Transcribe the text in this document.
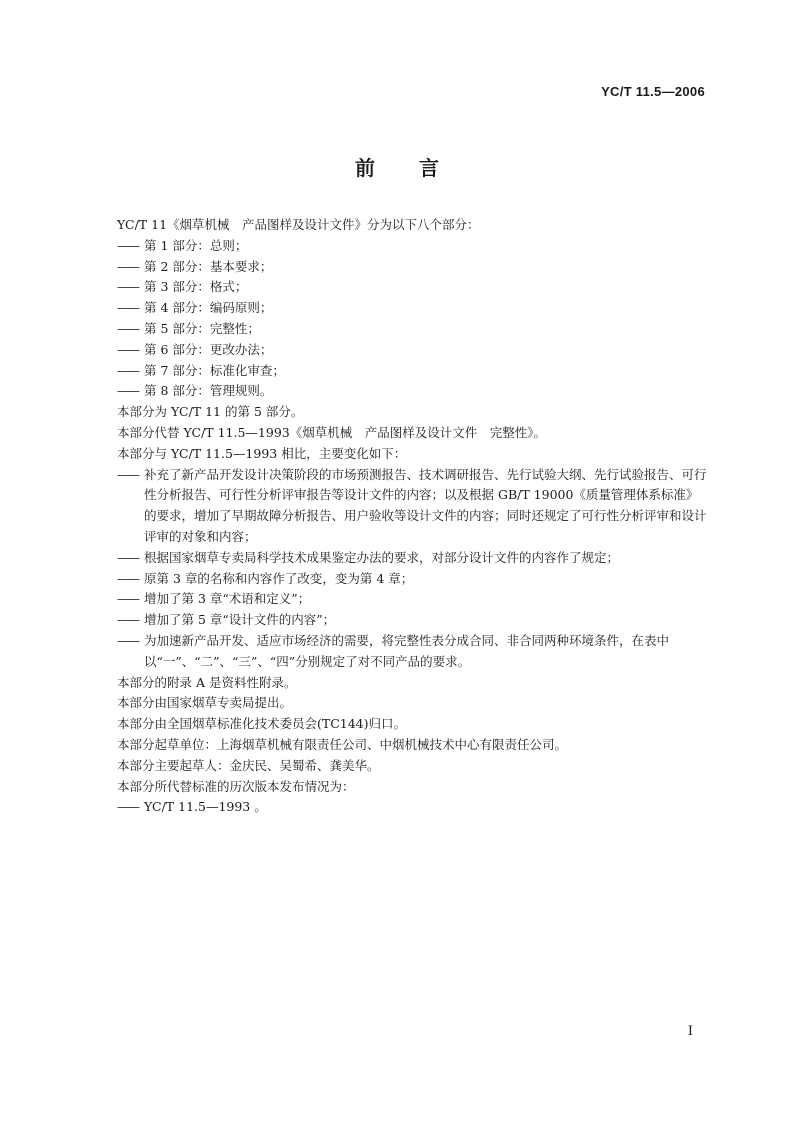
YC/T 11.5—2006
前言
YC/T 11《烟草机械　产品图样及设计文件》分为以下八个部分：
—— 第 1 部分：总则；
—— 第 2 部分：基本要求；
—— 第 3 部分：格式；
—— 第 4 部分：编码原则；
—— 第 5 部分：完整性；
—— 第 6 部分：更改办法；
—— 第 7 部分：标准化审查；
—— 第 8 部分：管理规则。
本部分为 YC/T 11 的第 5 部分。
本部分代替 YC/T 11.5—1993《烟草机械　产品图样及设计文件　完整性》。
本部分与 YC/T 11.5—1993 相比，主要变化如下：
—— 补充了新产品开发设计决策阶段的市场预测报告、技术调研报告、先行试验大纲、先行试验报告、可行性分析报告、可行性分析评审报告等设计文件的内容；以及根据 GB/T 19000《质量管理体系标准》的要求，增加了早期故障分析报告、用户验收等设计文件的内容；同时还规定了可行性分析评审和设计评审的对象和内容；
—— 根据国家烟草专卖局科学技术成果鉴定办法的要求，对部分设计文件的内容作了规定；
—— 原第 3 章的名称和内容作了改变，变为第 4 章；
—— 增加了第 3 章“术语和定义”；
—— 增加了第 5 章“设计文件的内容”；
—— 为加速新产品开发、适应市场经济的需要，将完整性表分成合同、非合同两种环境条件，在表中以“一”、“二”、“三”、“四”分别规定了对不同产品的要求。
本部分的附录 A 是资料性附录。
本部分由国家烟草专卖局提出。
本部分由全国烟草标准化技术委员会(TC144)归口。
本部分起草单位：上海烟草机械有限责任公司、中烟机械技术中心有限责任公司。
本部分主要起草人：金庆民、吴蜀希、龚美华。
本部分所代替标准的历次版本发布情况为：
—— YC/T 11.5—1993 。
I
